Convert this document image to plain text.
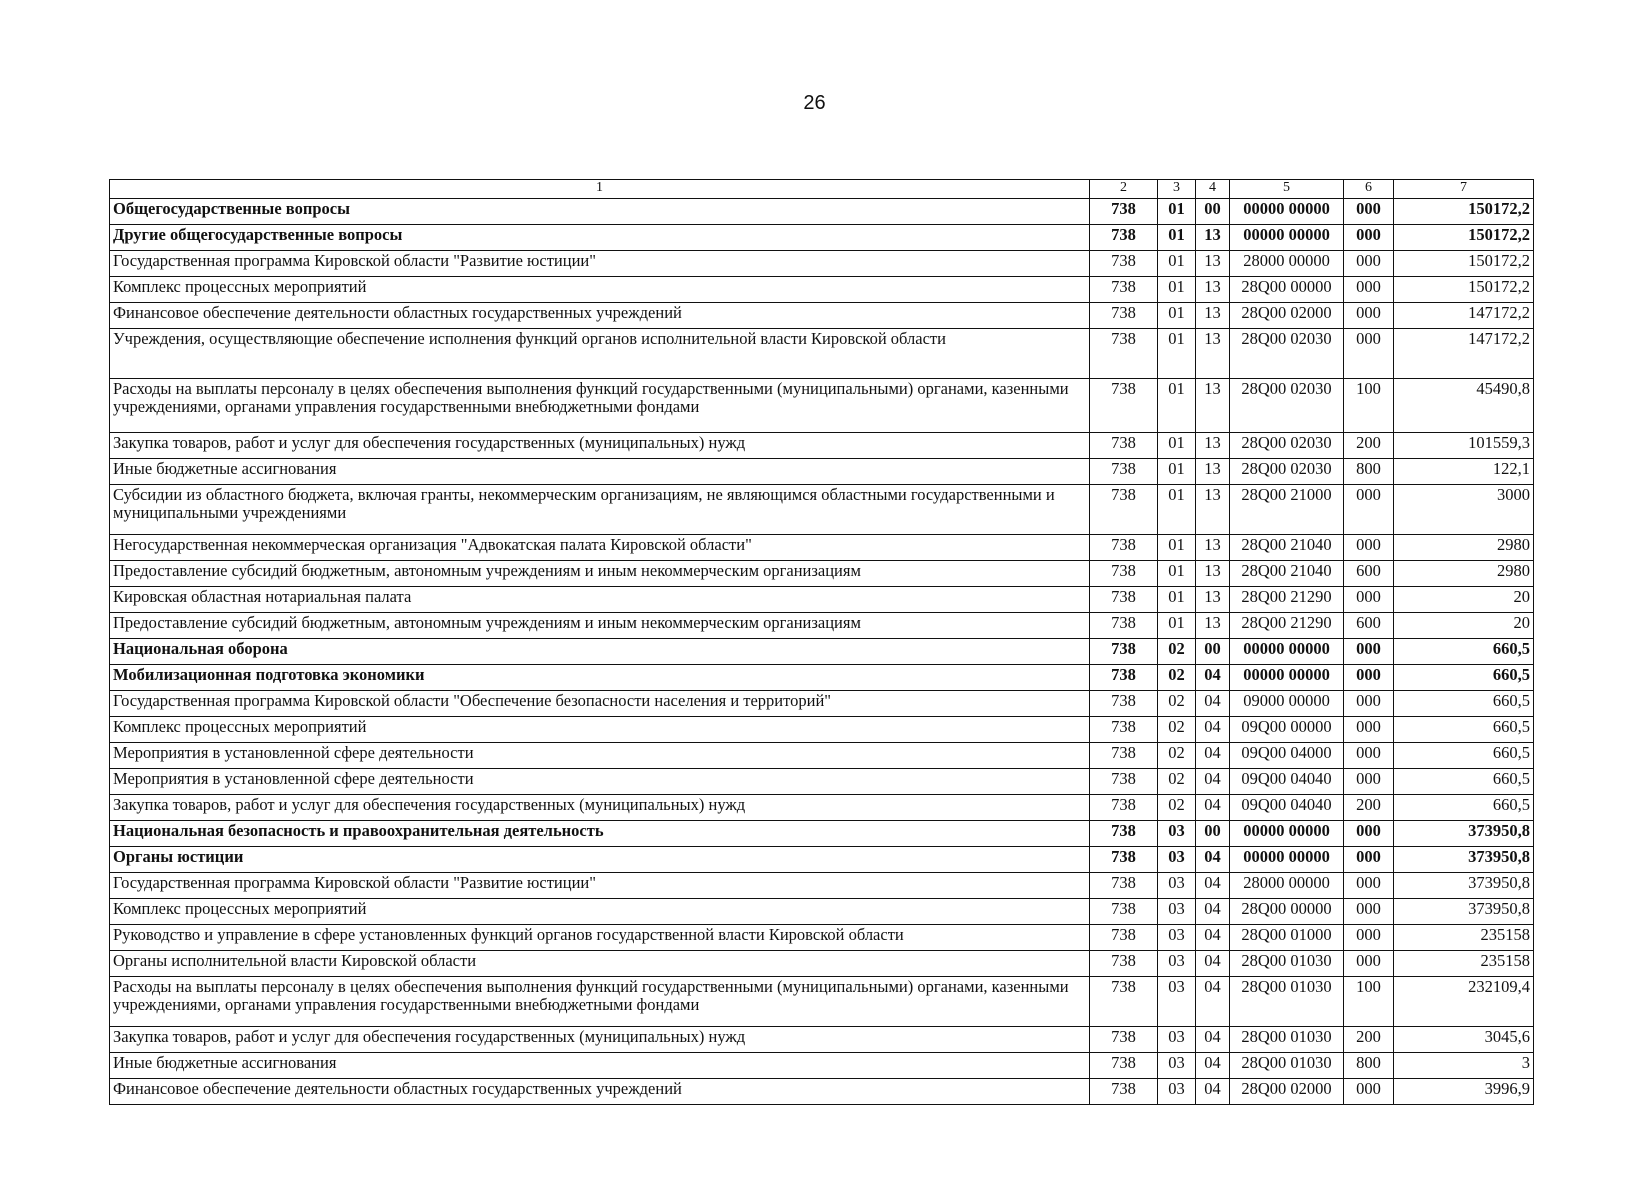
26
1	2	3	4	5	6	7
Общегосударственные вопросы	738	01	00	00000 00000	000	150172,2
Другие общегосударственные вопросы	738	01	13	00000 00000	000	150172,2
Государственная программа Кировской области "Развитие юстиции"	738	01	13	28000 00000	000	150172,2
Комплекс процессных мероприятий	738	01	13	28Q00 00000	000	150172,2
Финансовое обеспечение деятельности областных государственных учреждений	738	01	13	28Q00 02000	000	147172,2
Учреждения, осуществляющие обеспечение исполнения функций органов исполнительной власти Кировской области	738	01	13	28Q00 02030	000	147172,2
Расходы на выплаты персоналу в целях обеспечения выполнения функций государственными (муниципальными) органами, казенными учреждениями, органами управления государственными внебюджетными фондами	738	01	13	28Q00 02030	100	45490,8
Закупка товаров, работ и услуг для обеспечения государственных (муниципальных) нужд	738	01	13	28Q00 02030	200	101559,3
Иные бюджетные ассигнования	738	01	13	28Q00 02030	800	122,1
Субсидии из областного бюджета, включая гранты, некоммерческим организациям, не являющимся областными государственными и муниципальными учреждениями	738	01	13	28Q00 21000	000	3000
Негосударственная некоммерческая организация "Адвокатская палата Кировской области"	738	01	13	28Q00 21040	000	2980
Предоставление субсидий бюджетным, автономным учреждениям и иным некоммерческим организациям	738	01	13	28Q00 21040	600	2980
Кировская областная нотариальная палата	738	01	13	28Q00 21290	000	20
Предоставление субсидий бюджетным, автономным учреждениям и иным некоммерческим организациям	738	01	13	28Q00 21290	600	20
Национальная оборона	738	02	00	00000 00000	000	660,5
Мобилизационная подготовка экономики	738	02	04	00000 00000	000	660,5
Государственная программа Кировской области "Обеспечение безопасности населения и территорий"	738	02	04	09000 00000	000	660,5
Комплекс процессных мероприятий	738	02	04	09Q00 00000	000	660,5
Мероприятия в установленной сфере деятельности	738	02	04	09Q00 04000	000	660,5
Мероприятия в установленной сфере деятельности	738	02	04	09Q00 04040	000	660,5
Закупка товаров, работ и услуг для обеспечения государственных (муниципальных) нужд	738	02	04	09Q00 04040	200	660,5
Национальная безопасность и правоохранительная деятельность	738	03	00	00000 00000	000	373950,8
Органы юстиции	738	03	04	00000 00000	000	373950,8
Государственная программа Кировской области "Развитие юстиции"	738	03	04	28000 00000	000	373950,8
Комплекс процессных мероприятий	738	03	04	28Q00 00000	000	373950,8
Руководство и управление в сфере установленных функций органов государственной власти Кировской области	738	03	04	28Q00 01000	000	235158
Органы исполнительной власти Кировской области	738	03	04	28Q00 01030	000	235158
Расходы на выплаты персоналу в целях обеспечения выполнения функций государственными (муниципальными) органами, казенными учреждениями, органами управления государственными внебюджетными фондами	738	03	04	28Q00 01030	100	232109,4
Закупка товаров, работ и услуг для обеспечения государственных (муниципальных) нужд	738	03	04	28Q00 01030	200	3045,6
Иные бюджетные ассигнования	738	03	04	28Q00 01030	800	3
Финансовое обеспечение деятельности областных государственных учреждений	738	03	04	28Q00 02000	000	3996,9
